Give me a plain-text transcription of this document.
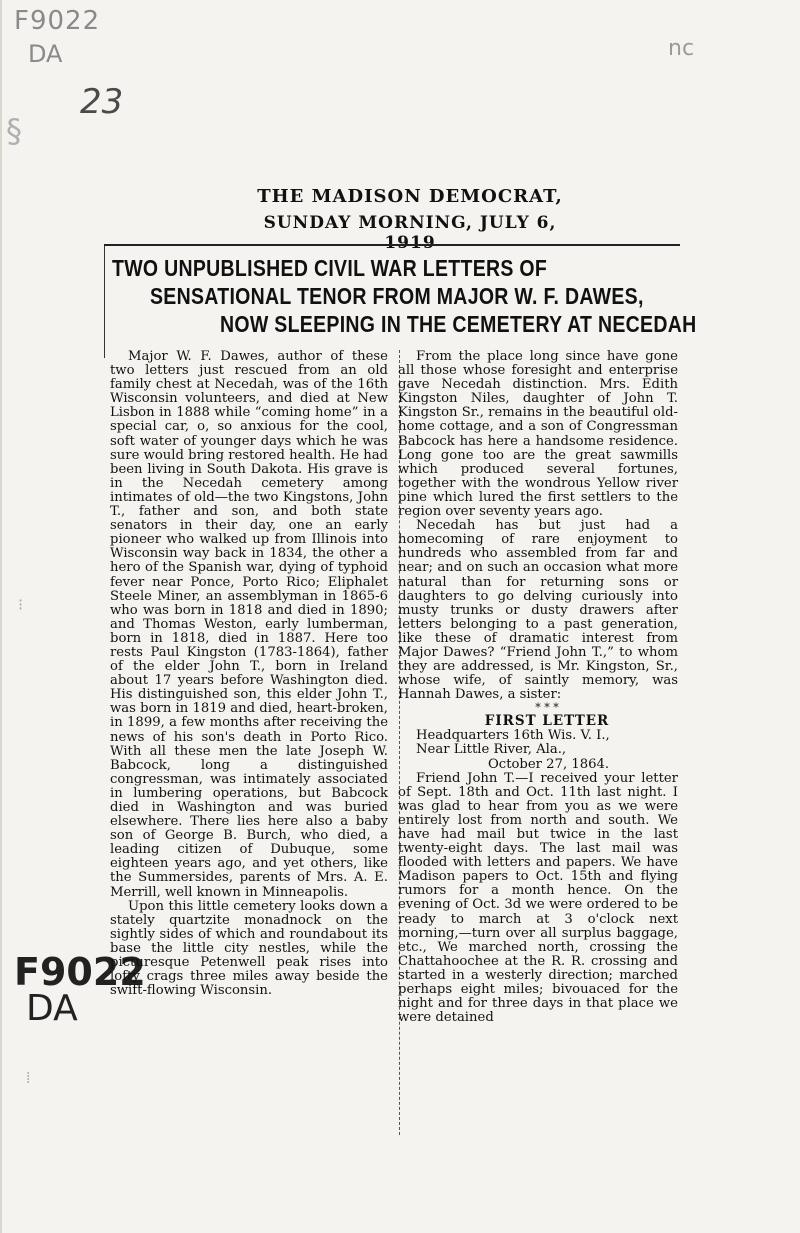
F9022
DA
23
nc
§
F9022
DA
⁝
⁞
THE MADISON DEMOCRAT,
SUNDAY MORNING, JULY 6, 1919
TWO UNPUBLISHED CIVIL WAR LETTERS OF
SENSATIONAL TENOR FROM MAJOR W. F. DAWES,
NOW SLEEPING IN THE CEMETERY AT NECEDAH

Major W. F. Dawes, author of these two letters just rescued from an old family chest at Necedah, was of the 16th Wisconsin volunteers, and died at New Lisbon in 1888 while “coming home” in a special car, o, so anxious for the cool, soft water of younger days which he was sure would bring restored health. He had been living in South Dakota. His grave is in the Necedah cemetery among intimates of old—the two Kingstons, John T., father and son, and both state senators in their day, one an early pioneer who walked up from Illinois into Wisconsin way back in 1834, the other a hero of the Spanish war, dying of typhoid fever near Ponce, Porto Rico; Eliphalet Steele Miner, an assemblyman in 1865-6 who was born in 1818 and died in 1890; and Thomas Weston, early lumberman, born in 1818, died in 1887. Here too rests Paul Kingston (1783-1864), father of the elder John T., born in Ireland about 17 years before Washington died. His distinguished son, this elder John T., was born in 1819 and died, heart-broken, in 1899, a few months after receiving the news of his son's death in Porto Rico. With all these men the late Joseph W. Babcock, long a distinguished congressman, was intimately associated in lumbering operations, but Babcock died in Washington and was buried elsewhere. There lies here also a baby son of George B. Burch, who died, a leading citizen of Dubuque, some eighteen years ago, and yet others, like the Summersides, parents of Mrs. A. E. Merrill, well known in Minneapolis.

Upon this little cemetery looks down a stately quartzite monadnock on the sightly sides of which and roundabout its base the little city nestles, while the picturesque Petenwell peak rises into lofty crags three miles away beside the swift-flowing Wisconsin.

From the place long since have gone all those whose foresight and enterprise gave Necedah distinction. Mrs. Edith Kingston Niles, daughter of John T. Kingston Sr., remains in the beautiful old-home cottage, and a son of Congressman Babcock has here a handsome residence. Long gone too are the great sawmills which produced several fortunes, together with the wondrous Yellow river pine which lured the first settlers to the region over seventy years ago.

Necedah has but just had a homecoming of rare enjoyment to hundreds who assembled from far and near; and on such an occasion what more natural than for returning sons or daughters to go delving curiously into musty trunks or dusty drawers after letters belonging to a past generation, like these of dramatic interest from Major Dawes? “Friend John T.,” to whom they are addressed, is Mr. Kingston, Sr., whose wife, of saintly memory, was Hannah Dawes, a sister:

* * *

FIRST LETTER

Headquarters 16th Wis. V. I.,

Near Little River, Ala.,

October 27, 1864.

Friend John T.—I received your letter of Sept. 18th and Oct. 11th last night. I was glad to hear from you as we were entirely lost from north and south. We have had mail but twice in the last twenty-eight days. The last mail was flooded with letters and papers. We have Madison papers to Oct. 15th and flying rumors for a month hence. On the evening of Oct. 3d we were ordered to be ready to march at 3 o'clock next morning,—turn over all surplus baggage, etc., We marched north, crossing the Chattahoochee at the R. R. crossing and started in a westerly direction; marched perhaps eight miles; bivouaced for the night and for three days in that place we were detained
